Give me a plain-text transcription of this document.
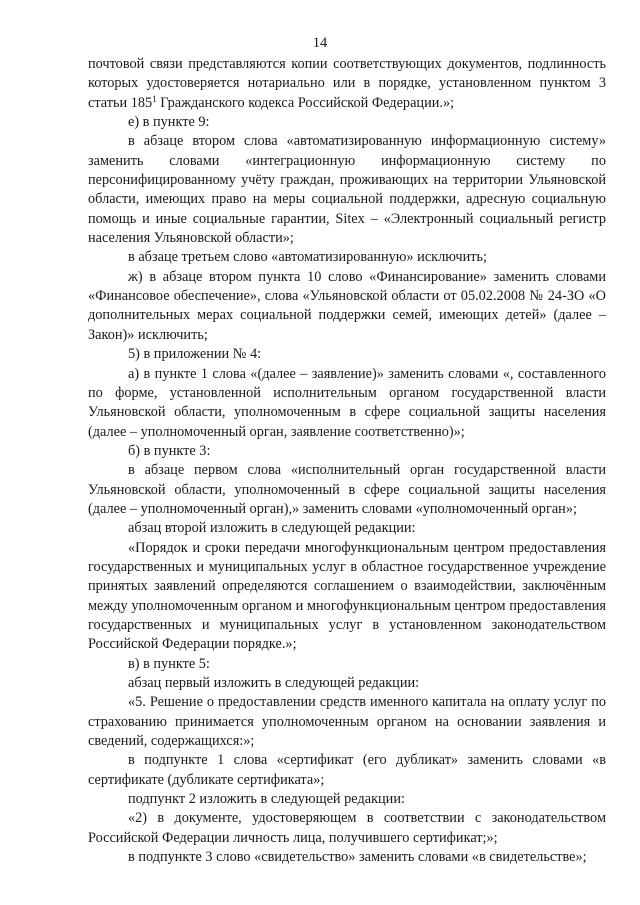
14

почтовой связи представляются копии соответствующих документов, подлинность которых удостоверяется нотариально или в порядке, установленном пунктом 3 статьи $185^1$ Гражданского кодекса Российской Федерации.»;

е) в пункте 9:

в абзаце втором слова «автоматизированную информационную систему» заменить словами «интеграционную информационную систему по персонифицированному учёту граждан, проживающих на территории Ульяновской области, имеющих право на меры социальной поддержки, адресную социальную помощь и иные социальные гарантии, Sitex – «Электронный социальный регистр населения Ульяновской области»;

в абзаце третьем слово «автоматизированную» исключить;

ж) в абзаце втором пункта 10 слово «Финансирование» заменить словами «Финансовое обеспечение», слова «Ульяновской области от 05.02.2008 № 24-ЗО «О дополнительных мерах социальной поддержки семей, имеющих детей» (далее – Закон)» исключить;

5) в приложении № 4:

а) в пункте 1 слова «(далее – заявление)» заменить словами «, составленного по форме, установленной исполнительным органом государственной власти Ульяновской области, уполномоченным в сфере социальной защиты населения (далее – уполномоченный орган, заявление соответственно)»;

б) в пункте 3:

в абзаце первом слова «исполнительный орган государственной власти Ульяновской области, уполномоченный в сфере социальной защиты населения (далее – уполномоченный орган),» заменить словами «уполномоченный орган»;

абзац второй изложить в следующей редакции:

«Порядок и сроки передачи многофункциональным центром предоставления государственных и муниципальных услуг в областное государственное учреждение принятых заявлений определяются соглашением о взаимодействии, заключённым между уполномоченным органом и многофункциональным центром предоставления государственных и муниципальных услуг в установленном законодательством Российской Федерации порядке.»;

в) в пункте 5:

абзац первый изложить в следующей редакции:

«5. Решение о предоставлении средств именного капитала на оплату услуг по страхованию принимается уполномоченным органом на основании заявления и сведений, содержащихся:»;

в подпункте 1 слова «сертификат (его дубликат» заменить словами «в сертификате (дубликате сертификата»;

подпункт 2 изложить в следующей редакции:

«2) в документе, удостоверяющем в соответствии с законодательством Российской Федерации личность лица, получившего сертификат;»;

в подпункте 3 слово «свидетельство» заменить словами «в свидетельстве»;
